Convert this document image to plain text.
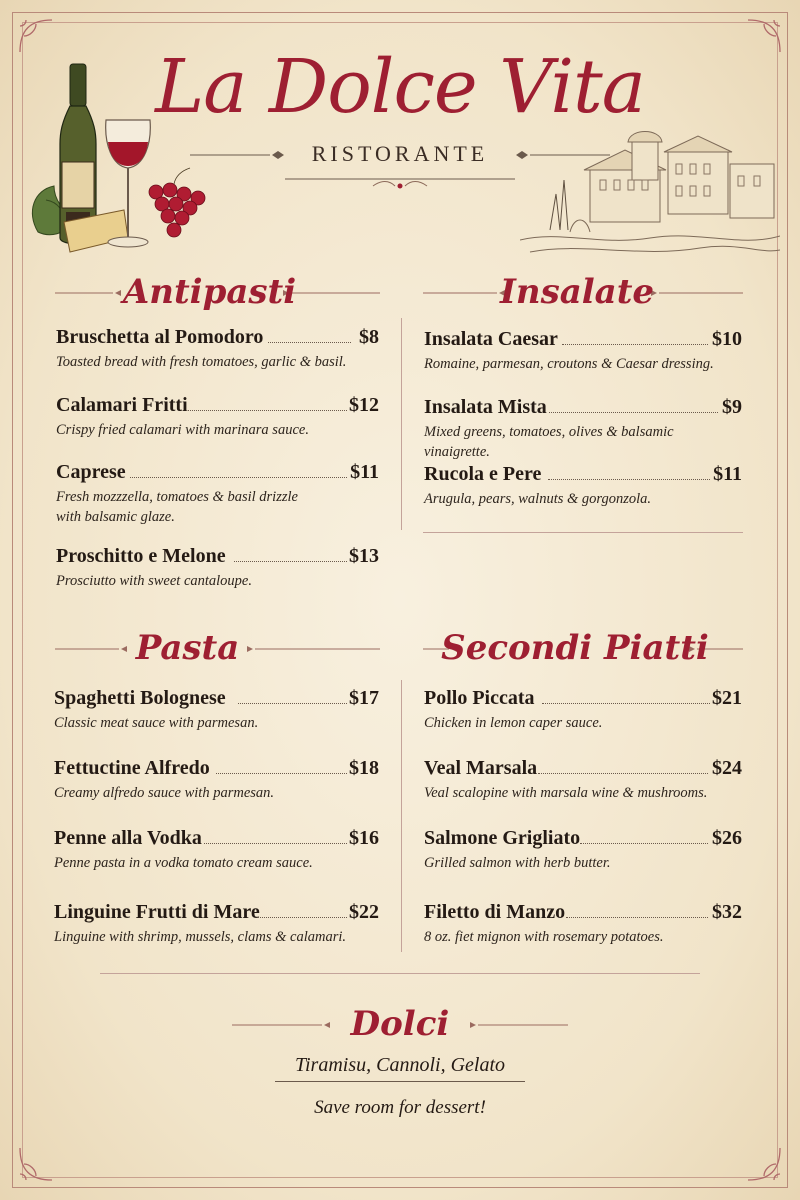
La Dolce Vita
RISTORANTE
Antipasti	Insalate
Bruschetta al Pomodoro	$8
Toasted bread with fresh tomatoes, garlic & basil.
Calamari Fritti	$12
Crispy fried calamari with marinara sauce.
Caprese	$11
Fresh mozzzella, tomatoes & basil drizzle
with balsamic glaze.
Proschitto e Melone	$13
Prosciutto with sweet cantaloupe.
Insalata Caesar	$10
Romaine, parmesan, croutons & Caesar dressing.
Insalata Mista	$9
Mixed greens, tomatoes, olives & balsamic vinaigrette.
Rucola e Pere	$11
Arugula, pears, walnuts & gorgonzola.
Pasta	Secondi Piatti
Spaghetti Bolognese	$17
Classic meat sauce with parmesan.
Fettuctine Alfredo	$18
Creamy alfredo sauce with parmesan.
Penne alla Vodka	$16
Penne pasta in a vodka tomato cream sauce.
Linguine Frutti di Mare	$22
Linguine with shrimp, mussels, clams & calamari.
Pollo Piccata	$21
Chicken in lemon caper sauce.
Veal Marsala	$24
Veal scalopine with marsala wine & mushrooms.
Salmone Grigliato	$26
Grilled salmon with herb butter.
Filetto di Manzo	$32
8 oz. fiet mignon with rosemary potatoes.
Dolci
Tiramisu, Cannoli, Gelato
Save room for dessert!
